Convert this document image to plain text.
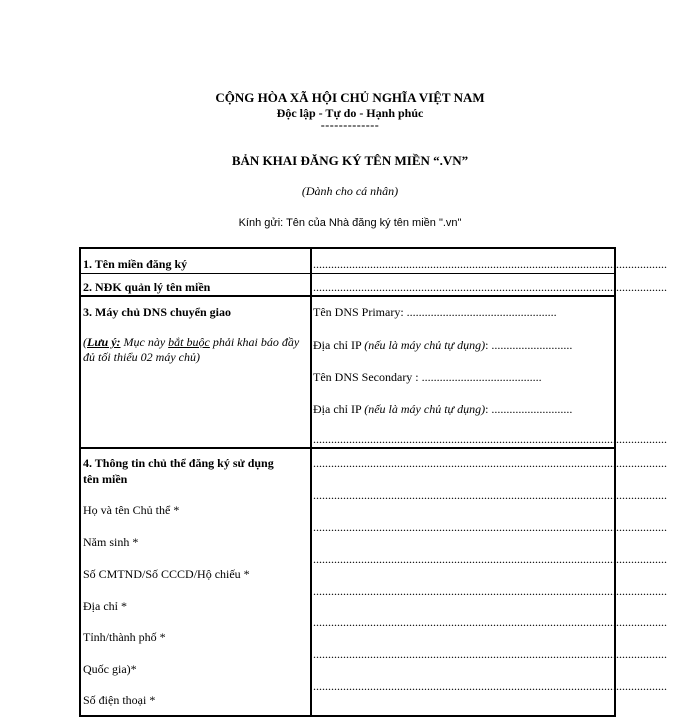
CỘNG HÒA XÃ HỘI CHỦ NGHĨA VIỆT NAM
Độc lập - Tự do - Hạnh phúc
-------------
BẢN KHAI ĐĂNG KÝ TÊN MIỀN “.VN”
(Dành cho cá nhân)
Kính gửi: Tên của Nhà đăng ký tên miền ".vn"
1. Tên miền đăng ký	......................................................................................................................
2. NĐK quản lý tên miền	......................................................................................................................
3. Máy chủ DNS chuyển giao
(Lưu ý: Mục này bắt buộc phải khai báo đầy đủ tối thiểu 02 máy chủ)
Tên DNS Primary: ..................................................
Địa chỉ IP (nếu là máy chủ tự dụng): ...........................
Tên DNS Secondary : ........................................
Địa chỉ IP (nếu là máy chủ tự dụng): ...........................
......................................................................................................................
4. Thông tin chủ thể đăng ký sử dụng
tên miền
Họ và tên Chủ thể *
Năm sinh *
Số CMTND/Số CCCD/Hộ chiếu *
Địa chỉ *
Tỉnh/thành phố *
Quốc gia)*
Số điện thoại *
......................................................................................................................
......................................................................................................................
......................................................................................................................
......................................................................................................................
......................................................................................................................
......................................................................................................................
......................................................................................................................
......................................................................................................................
